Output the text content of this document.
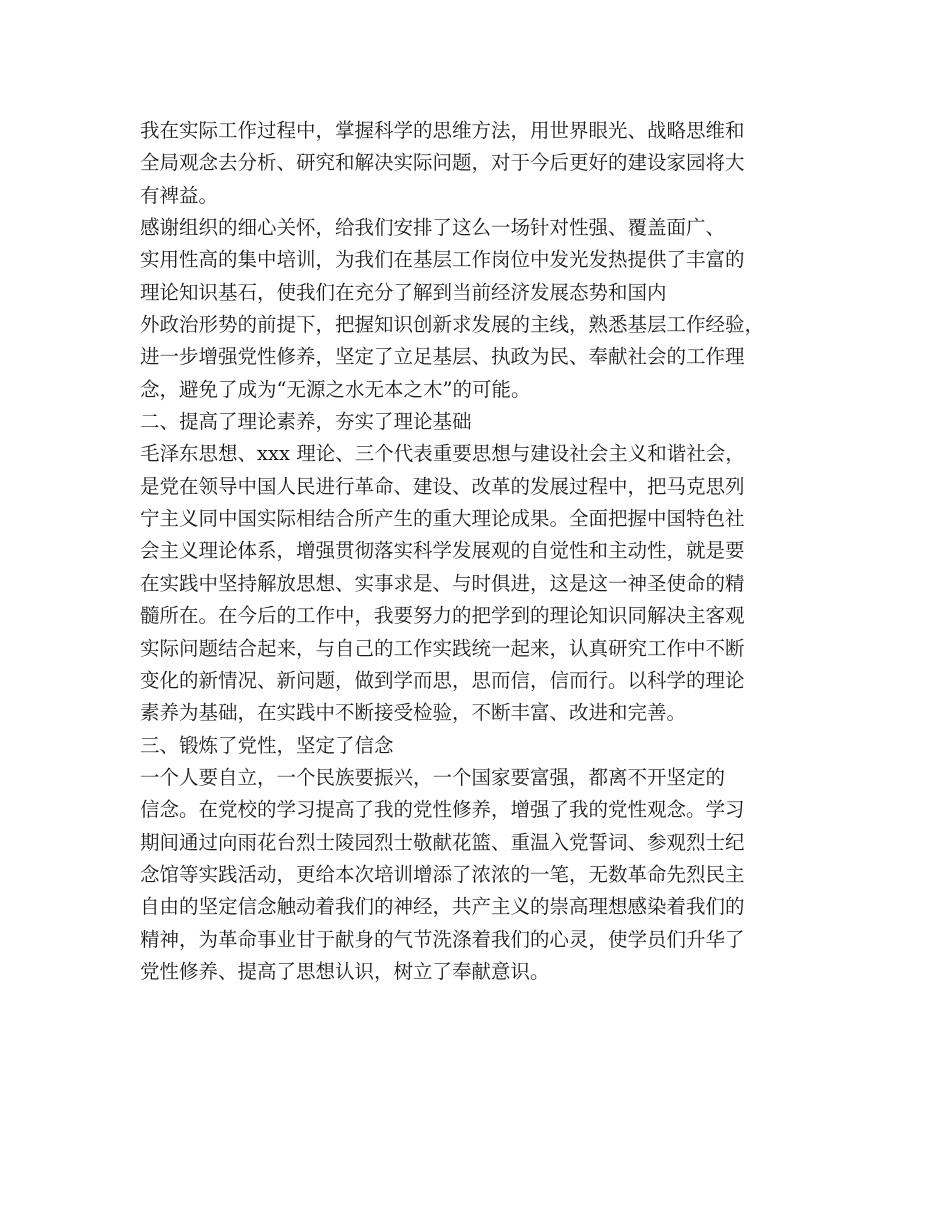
我在实际工作过程中，掌握科学的思维方法，用世界眼光、战略思维和
全局观念去分析、研究和解决实际问题，对于今后更好的建设家园将大
有裨益。
感谢组织的细心关怀，给我们安排了这么一场针对性强、覆盖面广、
实用性高的集中培训，为我们在基层工作岗位中发光发热提供了丰富的
理论知识基石，使我们在充分了解到当前经济发展态势和国内
外政治形势的前提下，把握知识创新求发展的主线，熟悉基层工作经验，
进一步增强党性修养，坚定了立足基层、执政为民、奉献社会的工作理
念，避免了成为“无源之水无本之木”的可能。
二、提高了理论素养，夯实了理论基础
毛泽东思想、xxx 理论、三个代表重要思想与建设社会主义和谐社会，
是党在领导中国人民进行革命、建设、改革的发展过程中，把马克思列
宁主义同中国实际相结合所产生的重大理论成果。全面把握中国特色社
会主义理论体系，增强贯彻落实科学发展观的自觉性和主动性，就是要
在实践中坚持解放思想、实事求是、与时俱进，这是这一神圣使命的精
髓所在。在今后的工作中，我要努力的把学到的理论知识同解决主客观
实际问题结合起来，与自己的工作实践统一起来，认真研究工作中不断
变化的新情况、新问题，做到学而思，思而信，信而行。以科学的理论
素养为基础，在实践中不断接受检验，不断丰富、改进和完善。
三、锻炼了党性，坚定了信念
一个人要自立，一个民族要振兴，一个国家要富强，都离不开坚定的
信念。在党校的学习提高了我的党性修养，增强了我的党性观念。学习
期间通过向雨花台烈士陵园烈士敬献花篮、重温入党誓词、参观烈士纪
念馆等实践活动，更给本次培训增添了浓浓的一笔，无数革命先烈民主
自由的坚定信念触动着我们的神经，共产主义的崇高理想感染着我们的
精神，为革命事业甘于献身的气节洗涤着我们的心灵，使学员们升华了
党性修养、提高了思想认识，树立了奉献意识。
